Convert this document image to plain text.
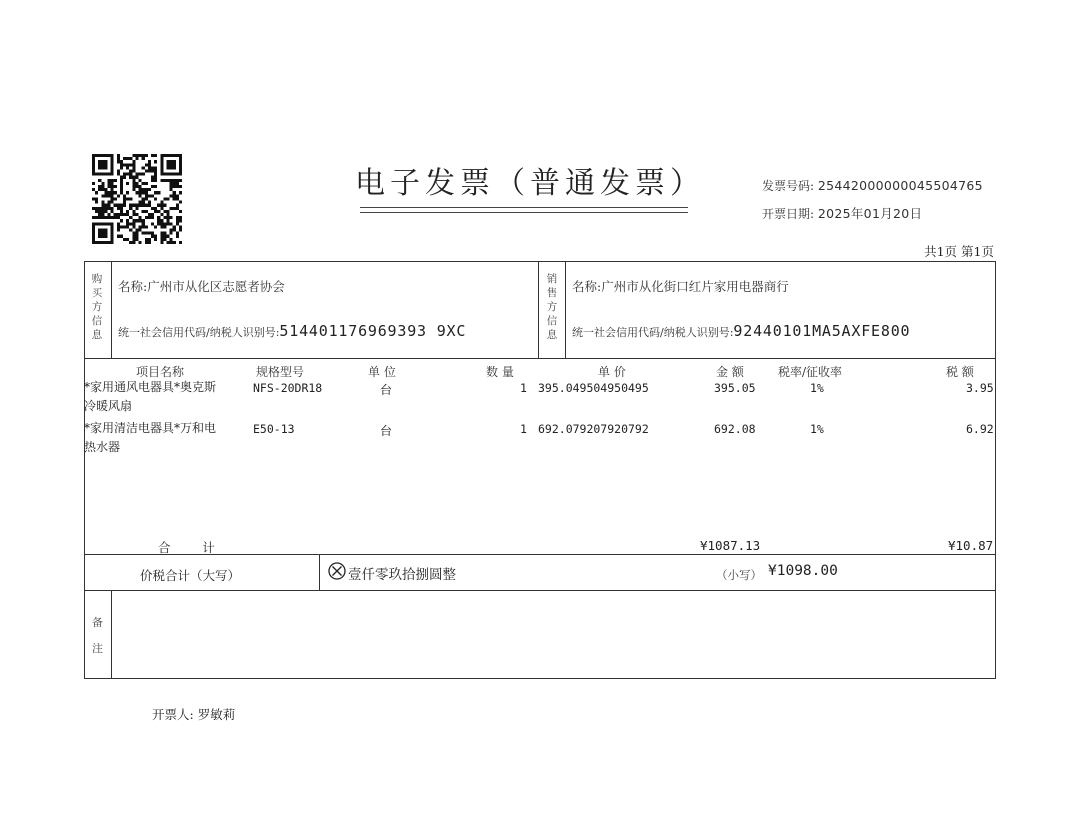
电子发票（普通发票）	发票号码: 25442000000045504765
开票日期: 2025年01月20日
共1页 第1页
购
买
方
信
息
名称:广州市从化区志愿者协会
统一社会信用代码/纳税人识别号:514401176969393 9XC
销
售
方
信
息
名称:广州市从化街口红片家用电器商行
统一社会信用代码/纳税人识别号:92440101MA5AXFE800
项目名称	规格型号	单 位	数 量	单 价	金 额	税率/征收率	税 额
*家用通风电器具*奥克斯
冷暖风扇
NFS-20DR18	台	1 395.049504950495	395.05	1%	3.95
*家用清洁电器具*万和电
热水器
E50-13	台	1 692.079207920792	692.08	1%	6.92
合        计	¥1087.13	¥10.87
价税合计（大写）	壹仟零玖拾捌圆整	（小写） ¥1098.00
备
注
开票人: 罗敏莉
